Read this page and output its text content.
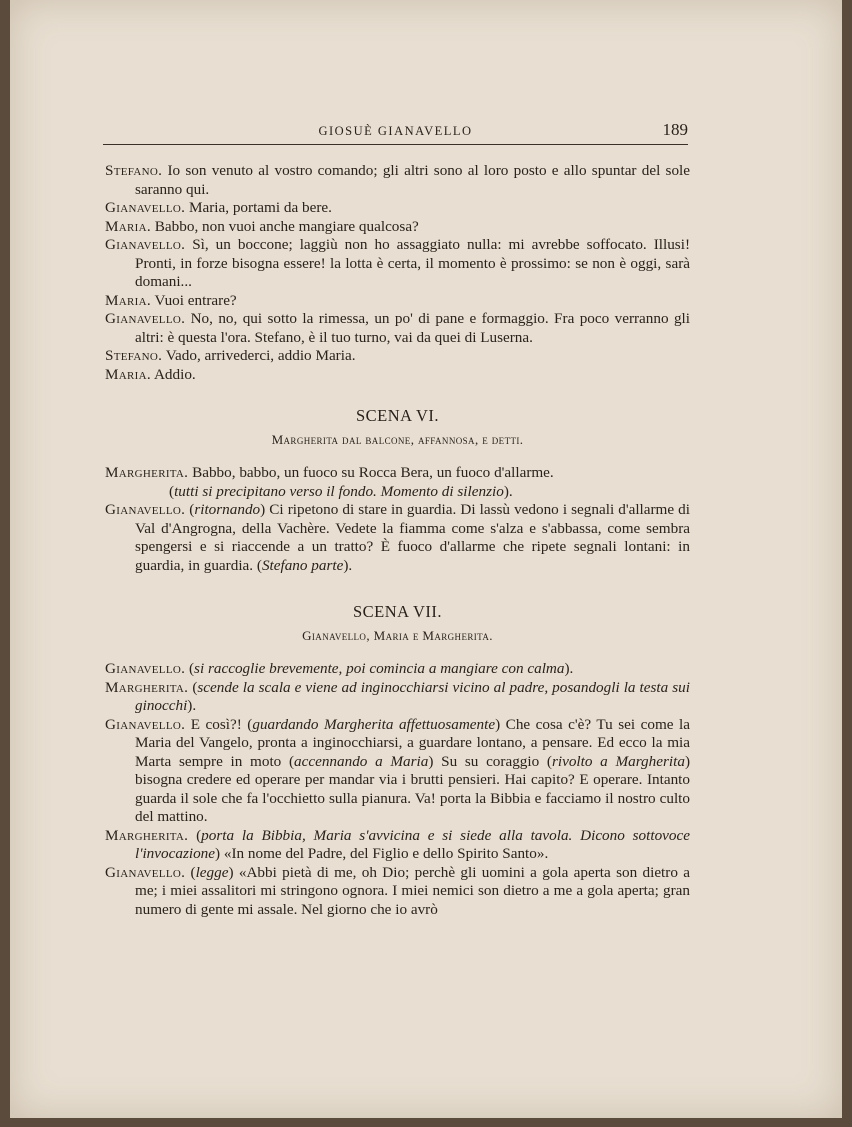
GIOSUÈ GIANAVELLO	189

Stefano. Io son venuto al vostro comando; gli altri sono al loro posto e allo spuntar del sole saranno qui.

Gianavello. Maria, portami da bere.

Maria. Babbo, non vuoi anche mangiare qualcosa?

Gianavello. Sì, un boccone; laggiù non ho assaggiato nulla: mi avrebbe soffocato. Illusi! Pronti, in forze bisogna essere! la lotta è certa, il momento è prossimo: se non è oggi, sarà domani...

Maria. Vuoi entrare?

Gianavello. No, no, qui sotto la rimessa, un po' di pane e formaggio. Fra poco verranno gli altri: è questa l'ora. Stefano, è il tuo turno, vai da quei di Luserna.

Stefano. Vado, arrivederci, addio Maria.

Maria. Addio.

SCENA VI.
Margherita dal balcone, affannosa, e detti.

Margherita. Babbo, babbo, un fuoco su Rocca Bera, un fuoco d'allarme.

(tutti si precipitano verso il fondo. Momento di silenzio).

Gianavello. (ritornando) Ci ripetono di stare in guardia. Di lassù vedono i segnali d'allarme di Val d'Angrogna, della Vachère. Vedete la fiamma come s'alza e s'abbassa, come sembra spengersi e si riaccende a un tratto? È fuoco d'allarme che ripete segnali lontani: in guardia, in guardia. (Stefano parte).

SCENA VII.
Gianavello, Maria e Margherita.

Gianavello. (si raccoglie brevemente, poi comincia a mangiare con calma).

Margherita. (scende la scala e viene ad inginocchiarsi vicino al padre, posandogli la testa sui ginocchi).

Gianavello. E così?! (guardando Margherita affettuosamente) Che cosa c'è? Tu sei come la Maria del Vangelo, pronta a inginocchiarsi, a guardare lontano, a pensare. Ed ecco la mia Marta sempre in moto (accennando a Maria) Su su coraggio (rivolto a Margherita) bisogna credere ed operare per mandar via i brutti pensieri. Hai capito? E operare. Intanto guarda il sole che fa l'occhietto sulla pianura. Va! porta la Bibbia e facciamo il nostro culto del mattino.

Margherita. (porta la Bibbia, Maria s'avvicina e si siede alla tavola. Dicono sottovoce l'invocazione) «In nome del Padre, del Figlio e dello Spirito Santo».

Gianavello. (legge) «Abbi pietà di me, oh Dio; perchè gli uomini a gola aperta son dietro a me; i miei assalitori mi stringono ognora. I miei nemici son dietro a me a gola aperta; gran numero di gente mi assale. Nel giorno che io avrò
